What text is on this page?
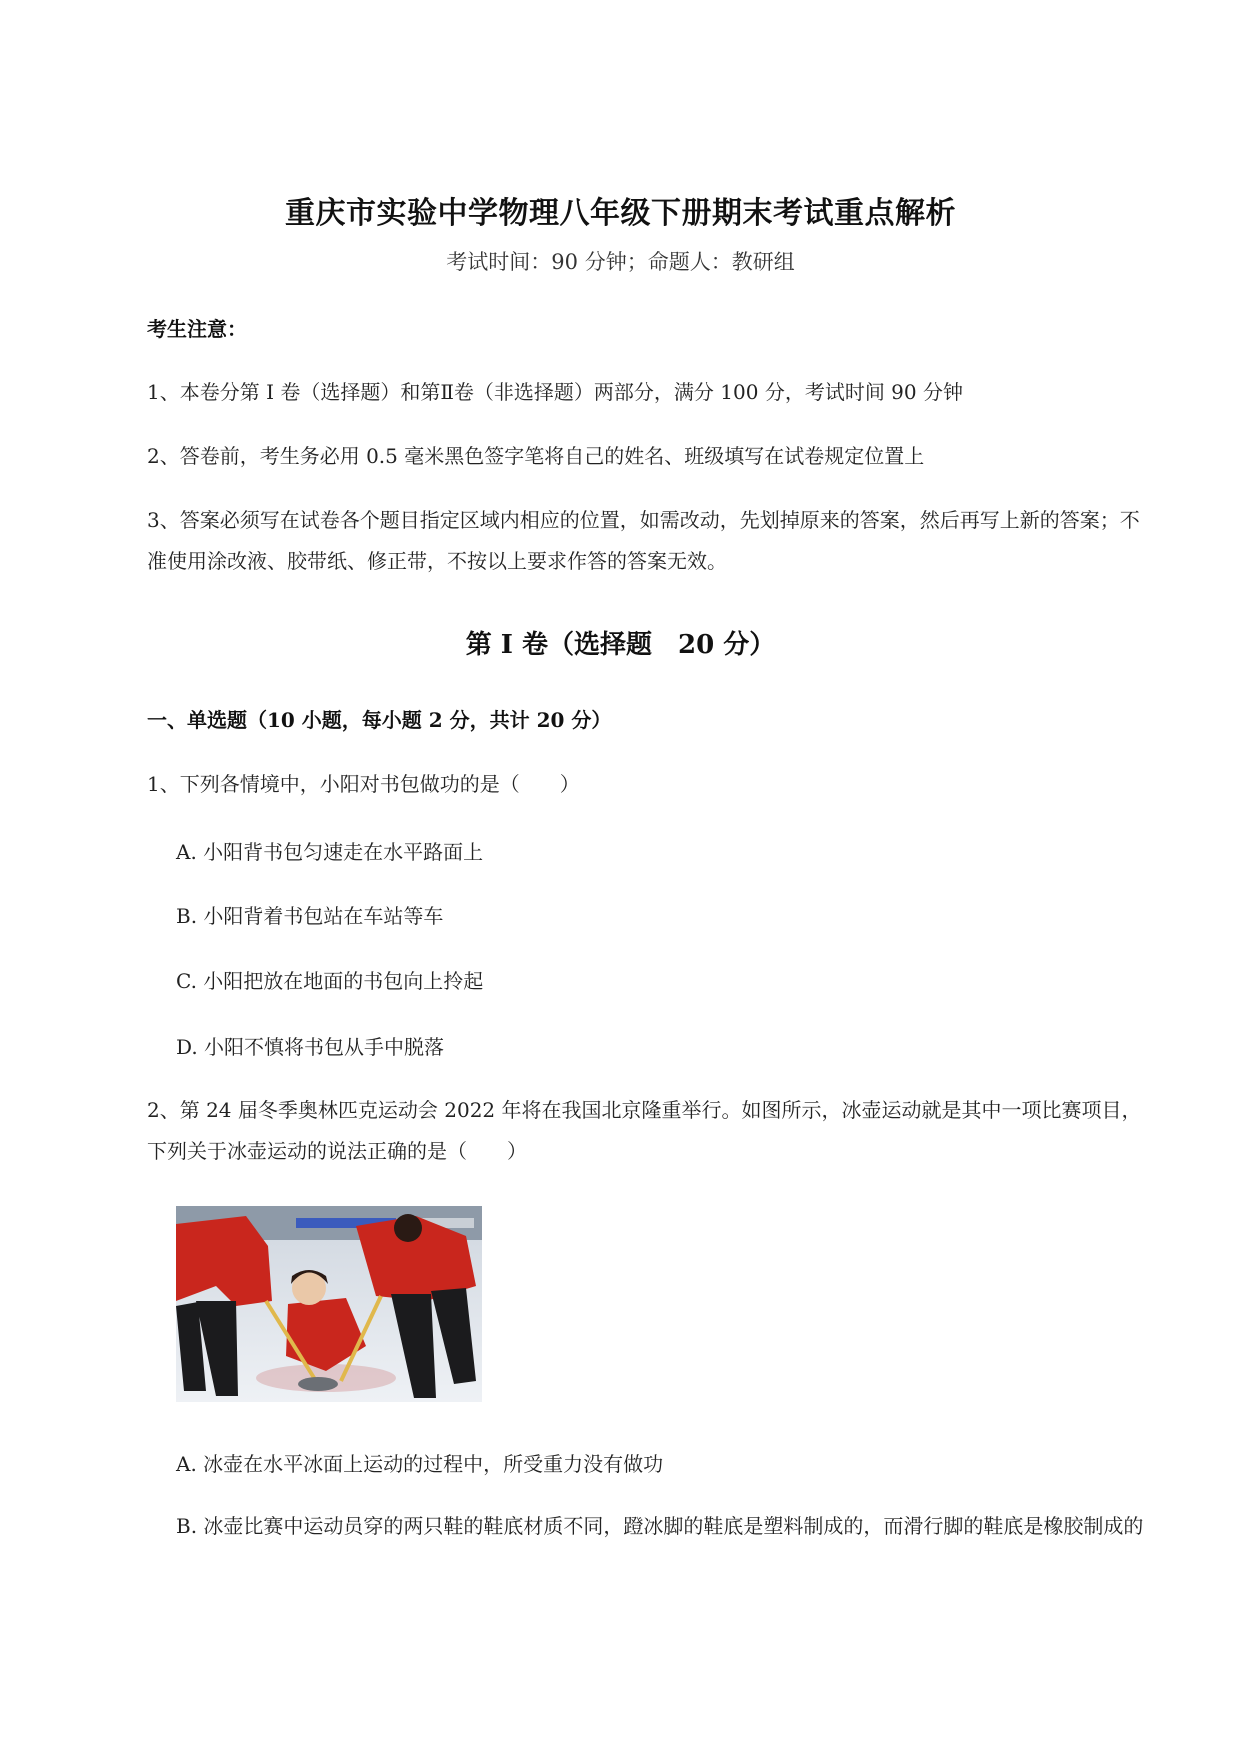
重庆市实验中学物理八年级下册期末考试重点解析
考试时间：90 分钟；命题人：教研组
考生注意：
1、本卷分第 I 卷（选择题）和第Ⅱ卷（非选择题）两部分，满分 100 分，考试时间 90 分钟
2、答卷前，考生务必用 0.5 毫米黑色签字笔将自己的姓名、班级填写在试卷规定位置上
3、答案必须写在试卷各个题目指定区域内相应的位置，如需改动，先划掉原来的答案，然后再写上新的答案；不准使用涂改液、胶带纸、修正带，不按以上要求作答的答案无效。
第 I 卷（选择题　20 分）
一、单选题（10 小题，每小题 2 分，共计 20 分）
1、下列各情境中，小阳对书包做功的是（　　）
A. 小阳背书包匀速走在水平路面上
B. 小阳背着书包站在车站等车
C. 小阳把放在地面的书包向上拎起
D. 小阳不慎将书包从手中脱落
2、第 24 届冬季奥林匹克运动会 2022 年将在我国北京隆重举行。如图所示，冰壶运动就是其中一项比赛项目，下列关于冰壶运动的说法正确的是（　　）
A. 冰壶在水平冰面上运动的过程中，所受重力没有做功
B. 冰壶比赛中运动员穿的两只鞋的鞋底材质不同，蹬冰脚的鞋底是塑料制成的，而滑行脚的鞋底是橡胶制成的
